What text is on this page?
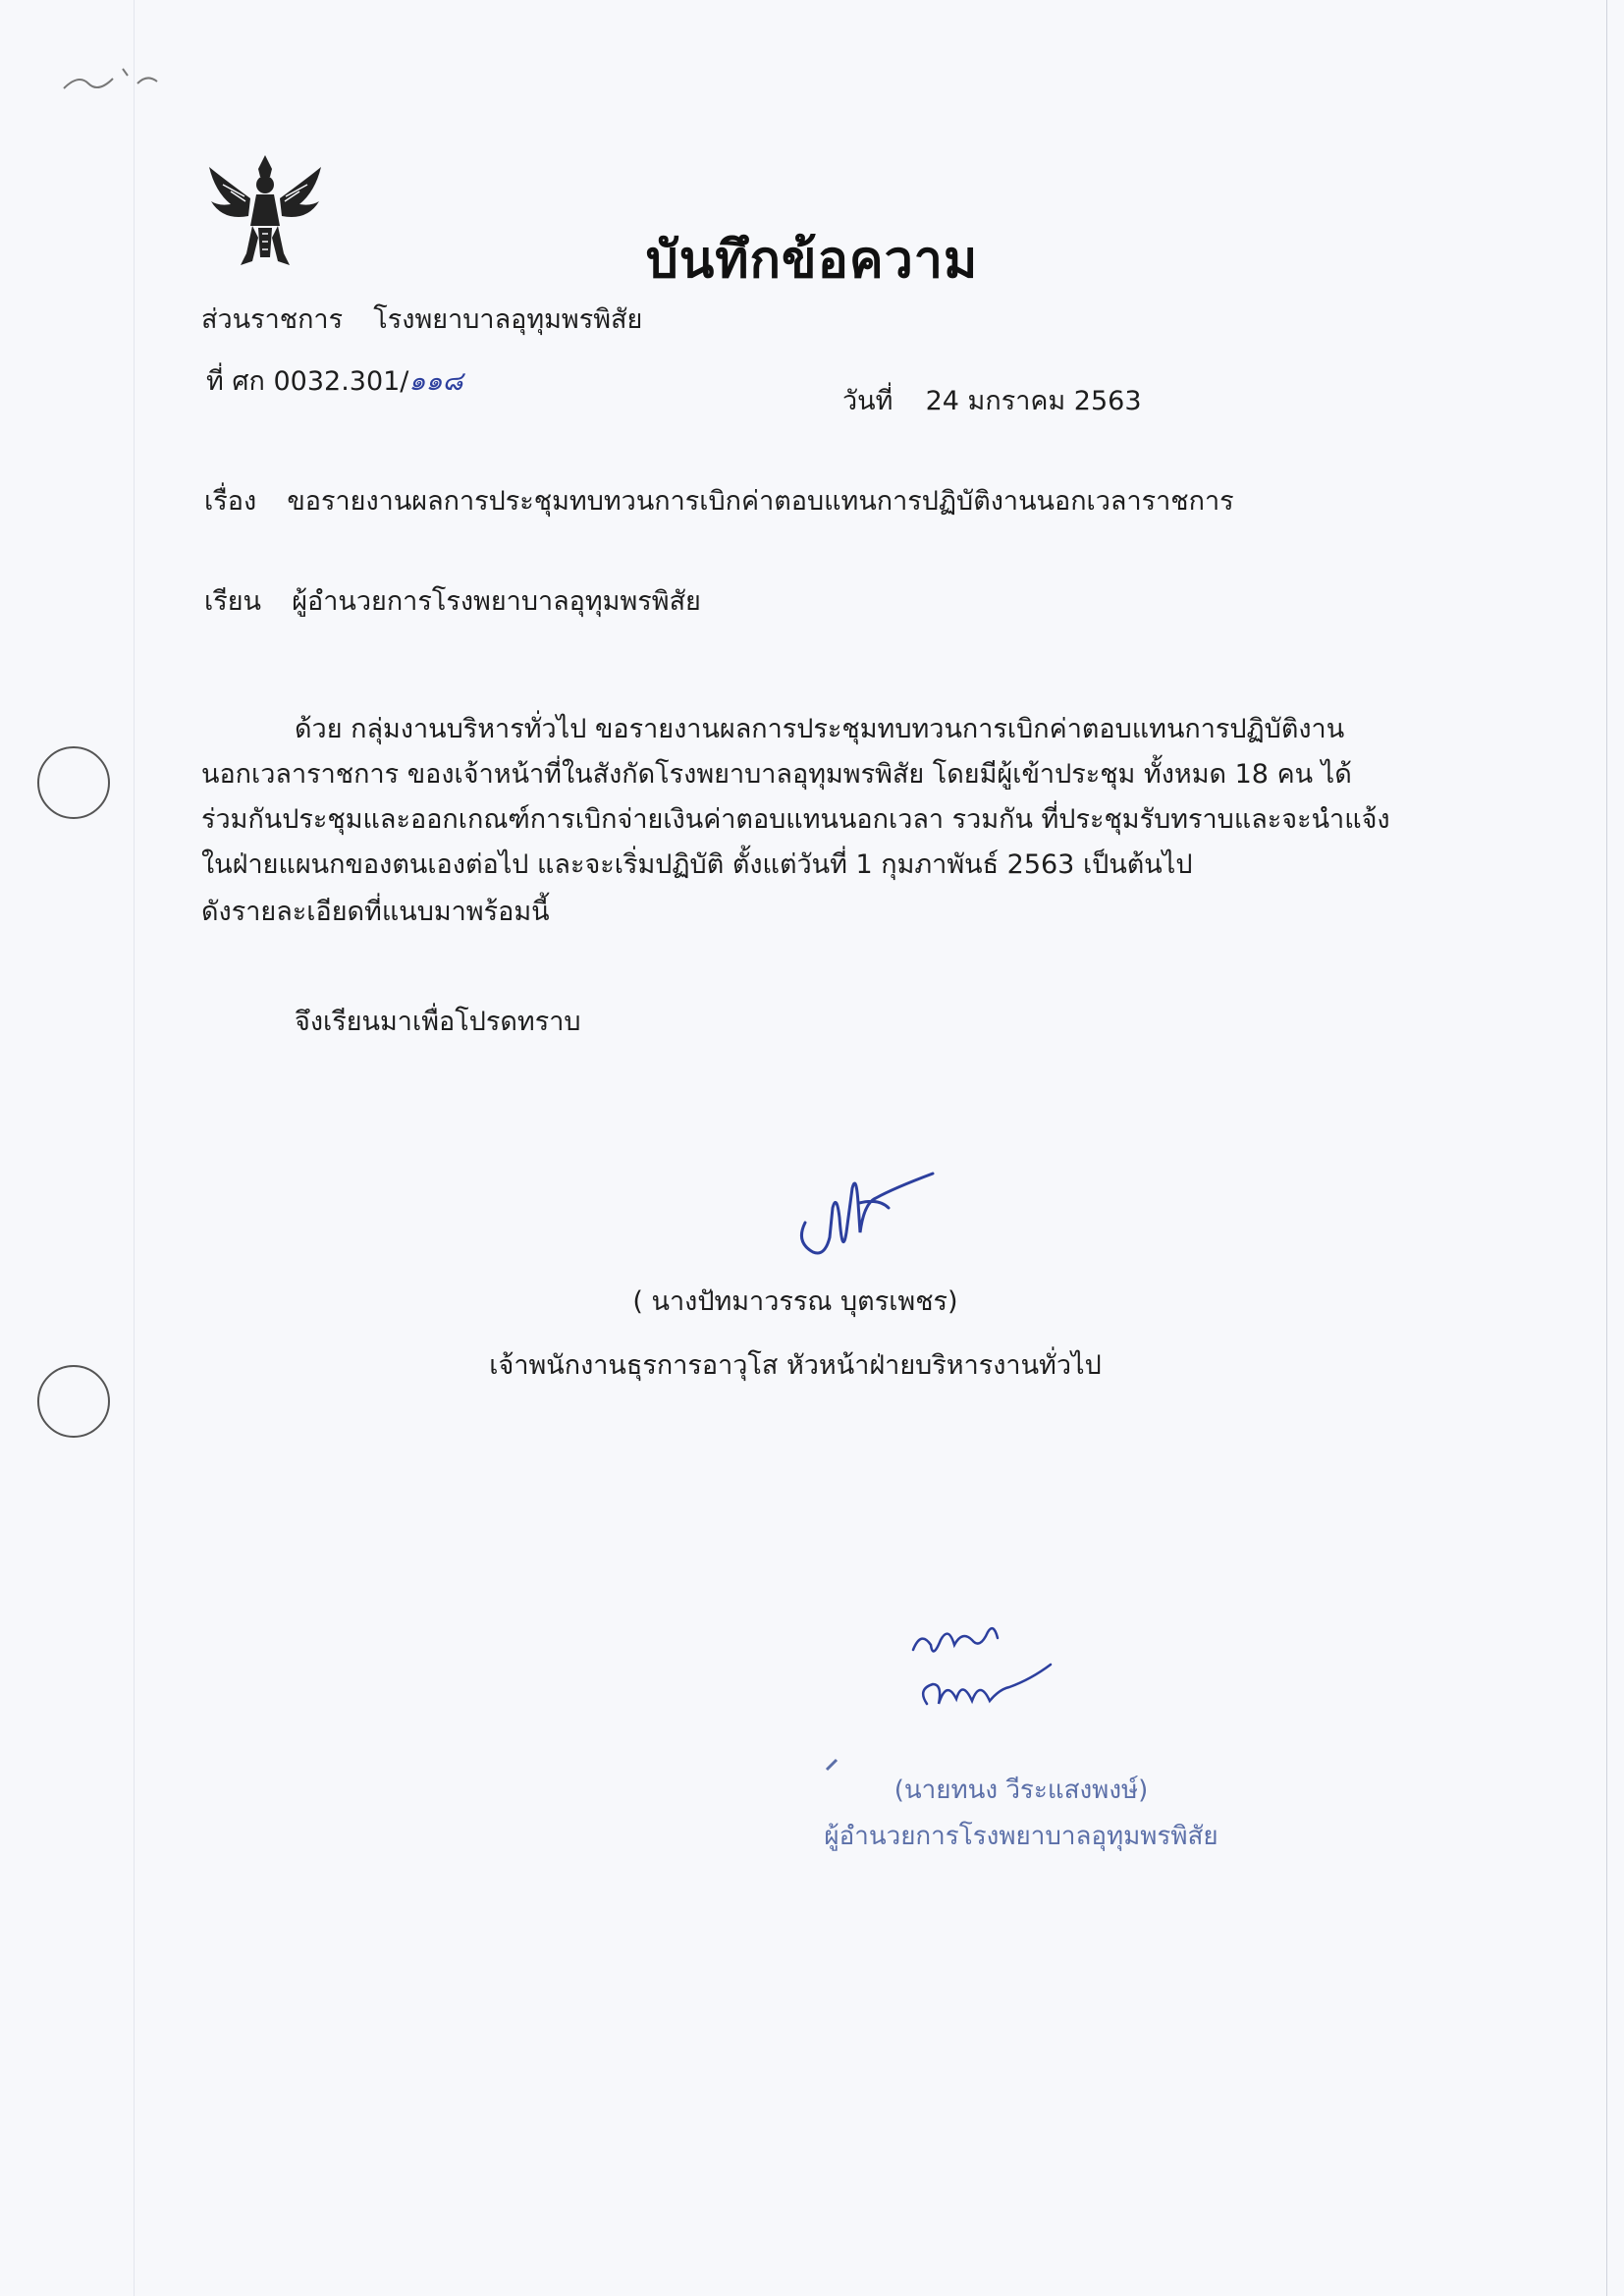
บันทึกข้อความ
ส่วนราชการ โรงพยาบาลอุทุมพรพิสัย
ที่ ศก 0032.301/๑๑๘
วันที่ 24 มกราคม 2563
เรื่อง ขอรายงานผลการประชุมทบทวนการเบิกค่าตอบแทนการปฏิบัติงานนอกเวลาราชการ
เรียน ผู้อำนวยการโรงพยาบาลอุทุมพรพิสัย
ด้วย กลุ่มงานบริหารทั่วไป ขอรายงานผลการประชุมทบทวนการเบิกค่าตอบแทนการปฏิบัติงาน
นอกเวลาราชการ ของเจ้าหน้าที่ในสังกัดโรงพยาบาลอุทุมพรพิสัย โดยมีผู้เข้าประชุม ทั้งหมด 18 คน ได้
ร่วมกันประชุมและออกเกณฑ์การเบิกจ่ายเงินค่าตอบแทนนอกเวลา รวมกัน ที่ประชุมรับทราบและจะนำแจ้ง
ในฝ่ายแผนกของตนเองต่อไป และจะเริ่มปฏิบัติ ตั้งแต่วันที่ 1 กุมภาพันธ์ 2563 เป็นต้นไป
ดังรายละเอียดที่แนบมาพร้อมนี้
จึงเรียนมาเพื่อโปรดทราบ
( นางปัทมาวรรณ บุตรเพชร)
เจ้าพนักงานธุรการอาวุโส หัวหน้าฝ่ายบริหารงานทั่วไป
(นายทนง วีระแสงพงษ์)
ผู้อำนวยการโรงพยาบาลอุทุมพรพิสัย
